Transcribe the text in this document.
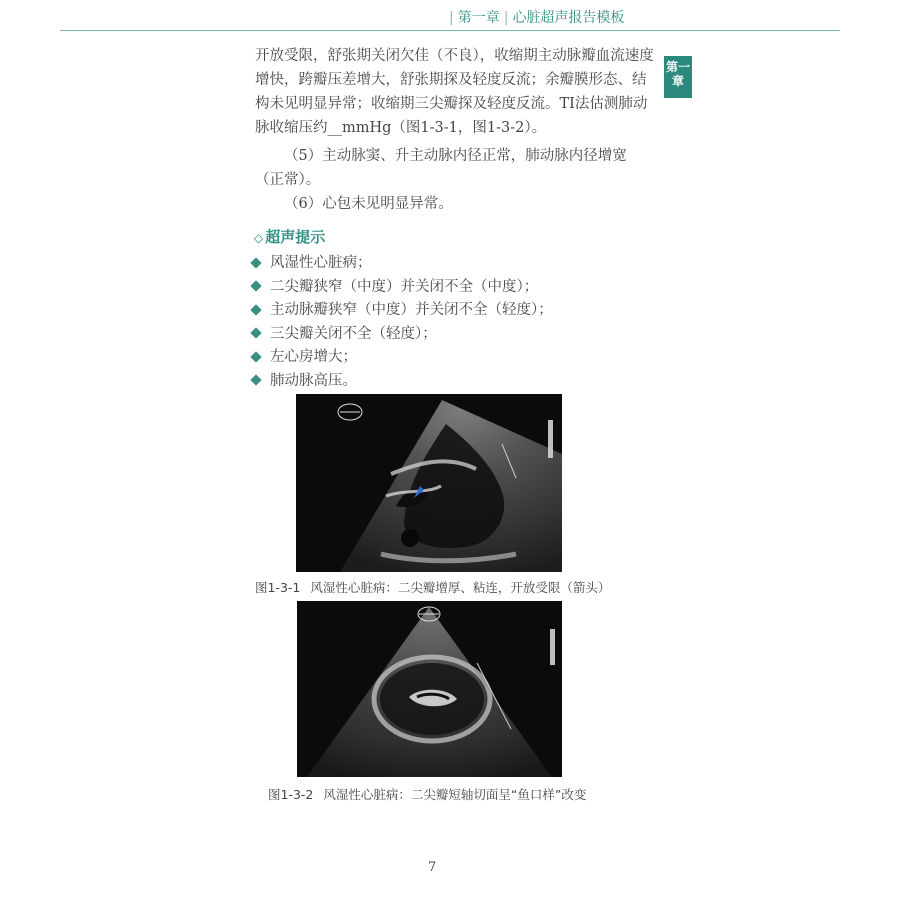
| 第一章 | 心脏超声报告模板
第一
章
开放受限，舒张期关闭欠佳（不良），收缩期主动脉瓣血流速度增快，跨瓣压差增大，舒张期探及轻度反流；余瓣膜形态、结构未见明显异常；收缩期三尖瓣探及轻度反流。TI法估测肺动脉收缩压约__mmHg（图1-3-1，图1-3-2）。
（5）主动脉窦、升主动脉内径正常，肺动脉内径增宽（正常）。
（6）心包未见明显异常。
◇ 超声提示
风湿性心脏病；
二尖瓣狭窄（中度）并关闭不全（中度）；
主动脉瓣狭窄（中度）并关闭不全（轻度）；
三尖瓣关闭不全（轻度）；
左心房增大；
肺动脉高压。
图1-3-1 风湿性心脏病：二尖瓣增厚、粘连，开放受限（箭头）
图1-3-2 风湿性心脏病：二尖瓣短轴切面呈“鱼口样”改变
7
